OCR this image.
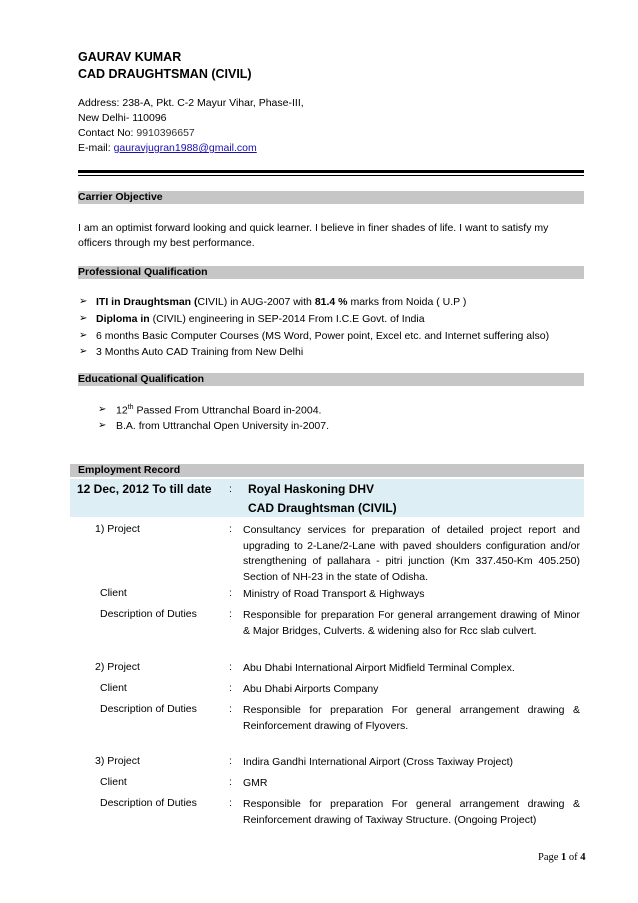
GAURAV KUMAR
CAD DRAUGHTSMAN (CIVIL)
Address: 238-A, Pkt. C-2 Mayur Vihar, Phase-III,
New Delhi- 110096
Contact No: 9910396657
E-mail: gauravjugran1988@gmail.com
Carrier Objective
I am an optimist forward looking and quick learner. I believe in finer shades of life. I want to satisfy my officers through my best performance.
Professional Qualification
➢ ITI in Draughtsman (CIVIL) in AUG-2007 with 81.4 % marks from Noida ( U.P )
➢ Diploma in (CIVIL) engineering in SEP-2014 From I.C.E Govt. of India
➢ 6 months Basic Computer Courses (MS Word, Power point, Excel etc. and Internet suffering also)
➢ 3 Months Auto CAD Training from New Delhi
Educational Qualification
➢ 12th Passed From Uttranchal Board in-2004.
➢ B.A. from Uttranchal Open University in-2007.
Employment Record
12 Dec, 2012 To till date : Royal Haskoning DHV
CAD Draughtsman (CIVIL)
1) Project	: Consultancy services for preparation of detailed project report and upgrading to 2-Lane/2-Lane with paved shoulders configuration and/or strengthening of pallahara - pitri junction (Km 337.450-Km 405.250) Section of NH-23 in the state of Odisha.
Client	: Ministry of Road Transport & Highways
Description of Duties	: Responsible for preparation For general arrangement drawing of Minor & Major Bridges, Culverts. & widening also for Rcc slab culvert.
2) Project	: Abu Dhabi International Airport Midfield Terminal Complex.
Client	: Abu Dhabi Airports Company
Description of Duties	: Responsible for preparation For general arrangement drawing & Reinforcement drawing of Flyovers.
3) Project	: Indira Gandhi International Airport (Cross Taxiway Project)
Client	: GMR
Description of Duties	: Responsible for preparation For general arrangement drawing & Reinforcement drawing of Taxiway Structure. (Ongoing Project)
Page 1 of 4
